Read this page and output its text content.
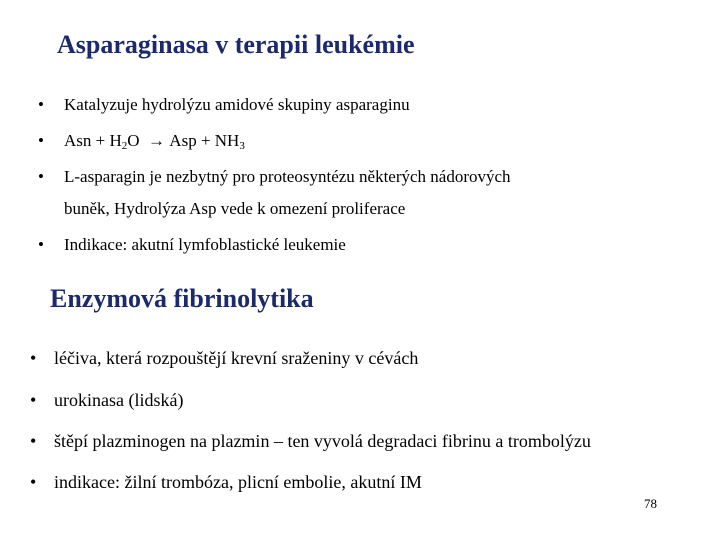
Asparaginasa v terapii leukémie
• Katalyzuje hydrolýzu amidové skupiny asparaginu
• Asn + $H_2O$ → Asp + $NH_3$
• L-asparagin je nezbytný pro proteosyntézu některých nádorových
buněk, Hydrolýza Asp vede k omezení proliferace
• Indikace: akutní lymfoblastické leukemie
Enzymová fibrinolytika
• léčiva, která rozpouštějí krevní sraženiny v cévách
• urokinasa (lidská)
• štěpí plazminogen na plazmin – ten vyvolá degradaci fibrinu a trombolýzu
• indikace: žilní trombóza, plicní embolie, akutní IM
78
